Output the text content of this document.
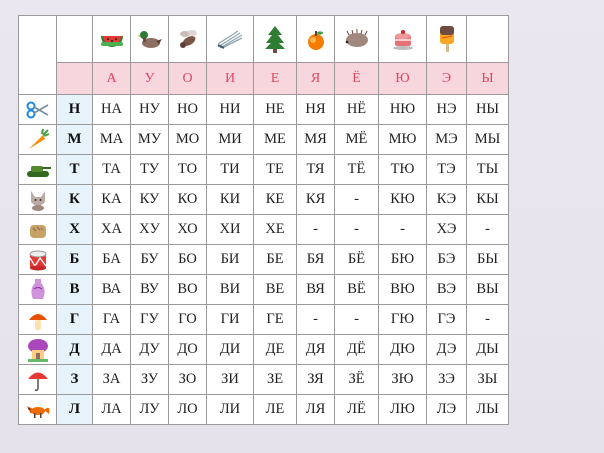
		А	У	О	И	Е	Я	Ё	Ю	Э	Ы

	Н	НА	НУ	НО	НИ	НЕ	НЯ	НЁ	НЮ	НЭ	НЫ

	М	МА	МУ	МО	МИ	МЕ	МЯ	МЁ	МЮ	МЭ	МЫ

	Т	ТА	ТУ	ТО	ТИ	ТЕ	ТЯ	ТЁ	ТЮ	ТЭ	ТЫ

	К	КА	КУ	КО	КИ	КЕ	КЯ	-	КЮ	КЭ	КЫ

	Х	ХА	ХУ	ХО	ХИ	ХЕ	-	-	-	ХЭ	-

	Б	БА	БУ	БО	БИ	БЕ	БЯ	БЁ	БЮ	БЭ	БЫ

	В	ВА	ВУ	ВО	ВИ	ВЕ	ВЯ	ВЁ	ВЮ	ВЭ	ВЫ

	Г	ГА	ГУ	ГО	ГИ	ГЕ	-	-	ГЮ	ГЭ	-

	Д	ДА	ДУ	ДО	ДИ	ДЕ	ДЯ	ДЁ	ДЮ	ДЭ	ДЫ

	З	ЗА	ЗУ	ЗО	ЗИ	ЗЕ	ЗЯ	ЗЁ	ЗЮ	ЗЭ	ЗЫ

	Л	ЛА	ЛУ	ЛО	ЛИ	ЛЕ	ЛЯ	ЛЁ	ЛЮ	ЛЭ	ЛЫ
